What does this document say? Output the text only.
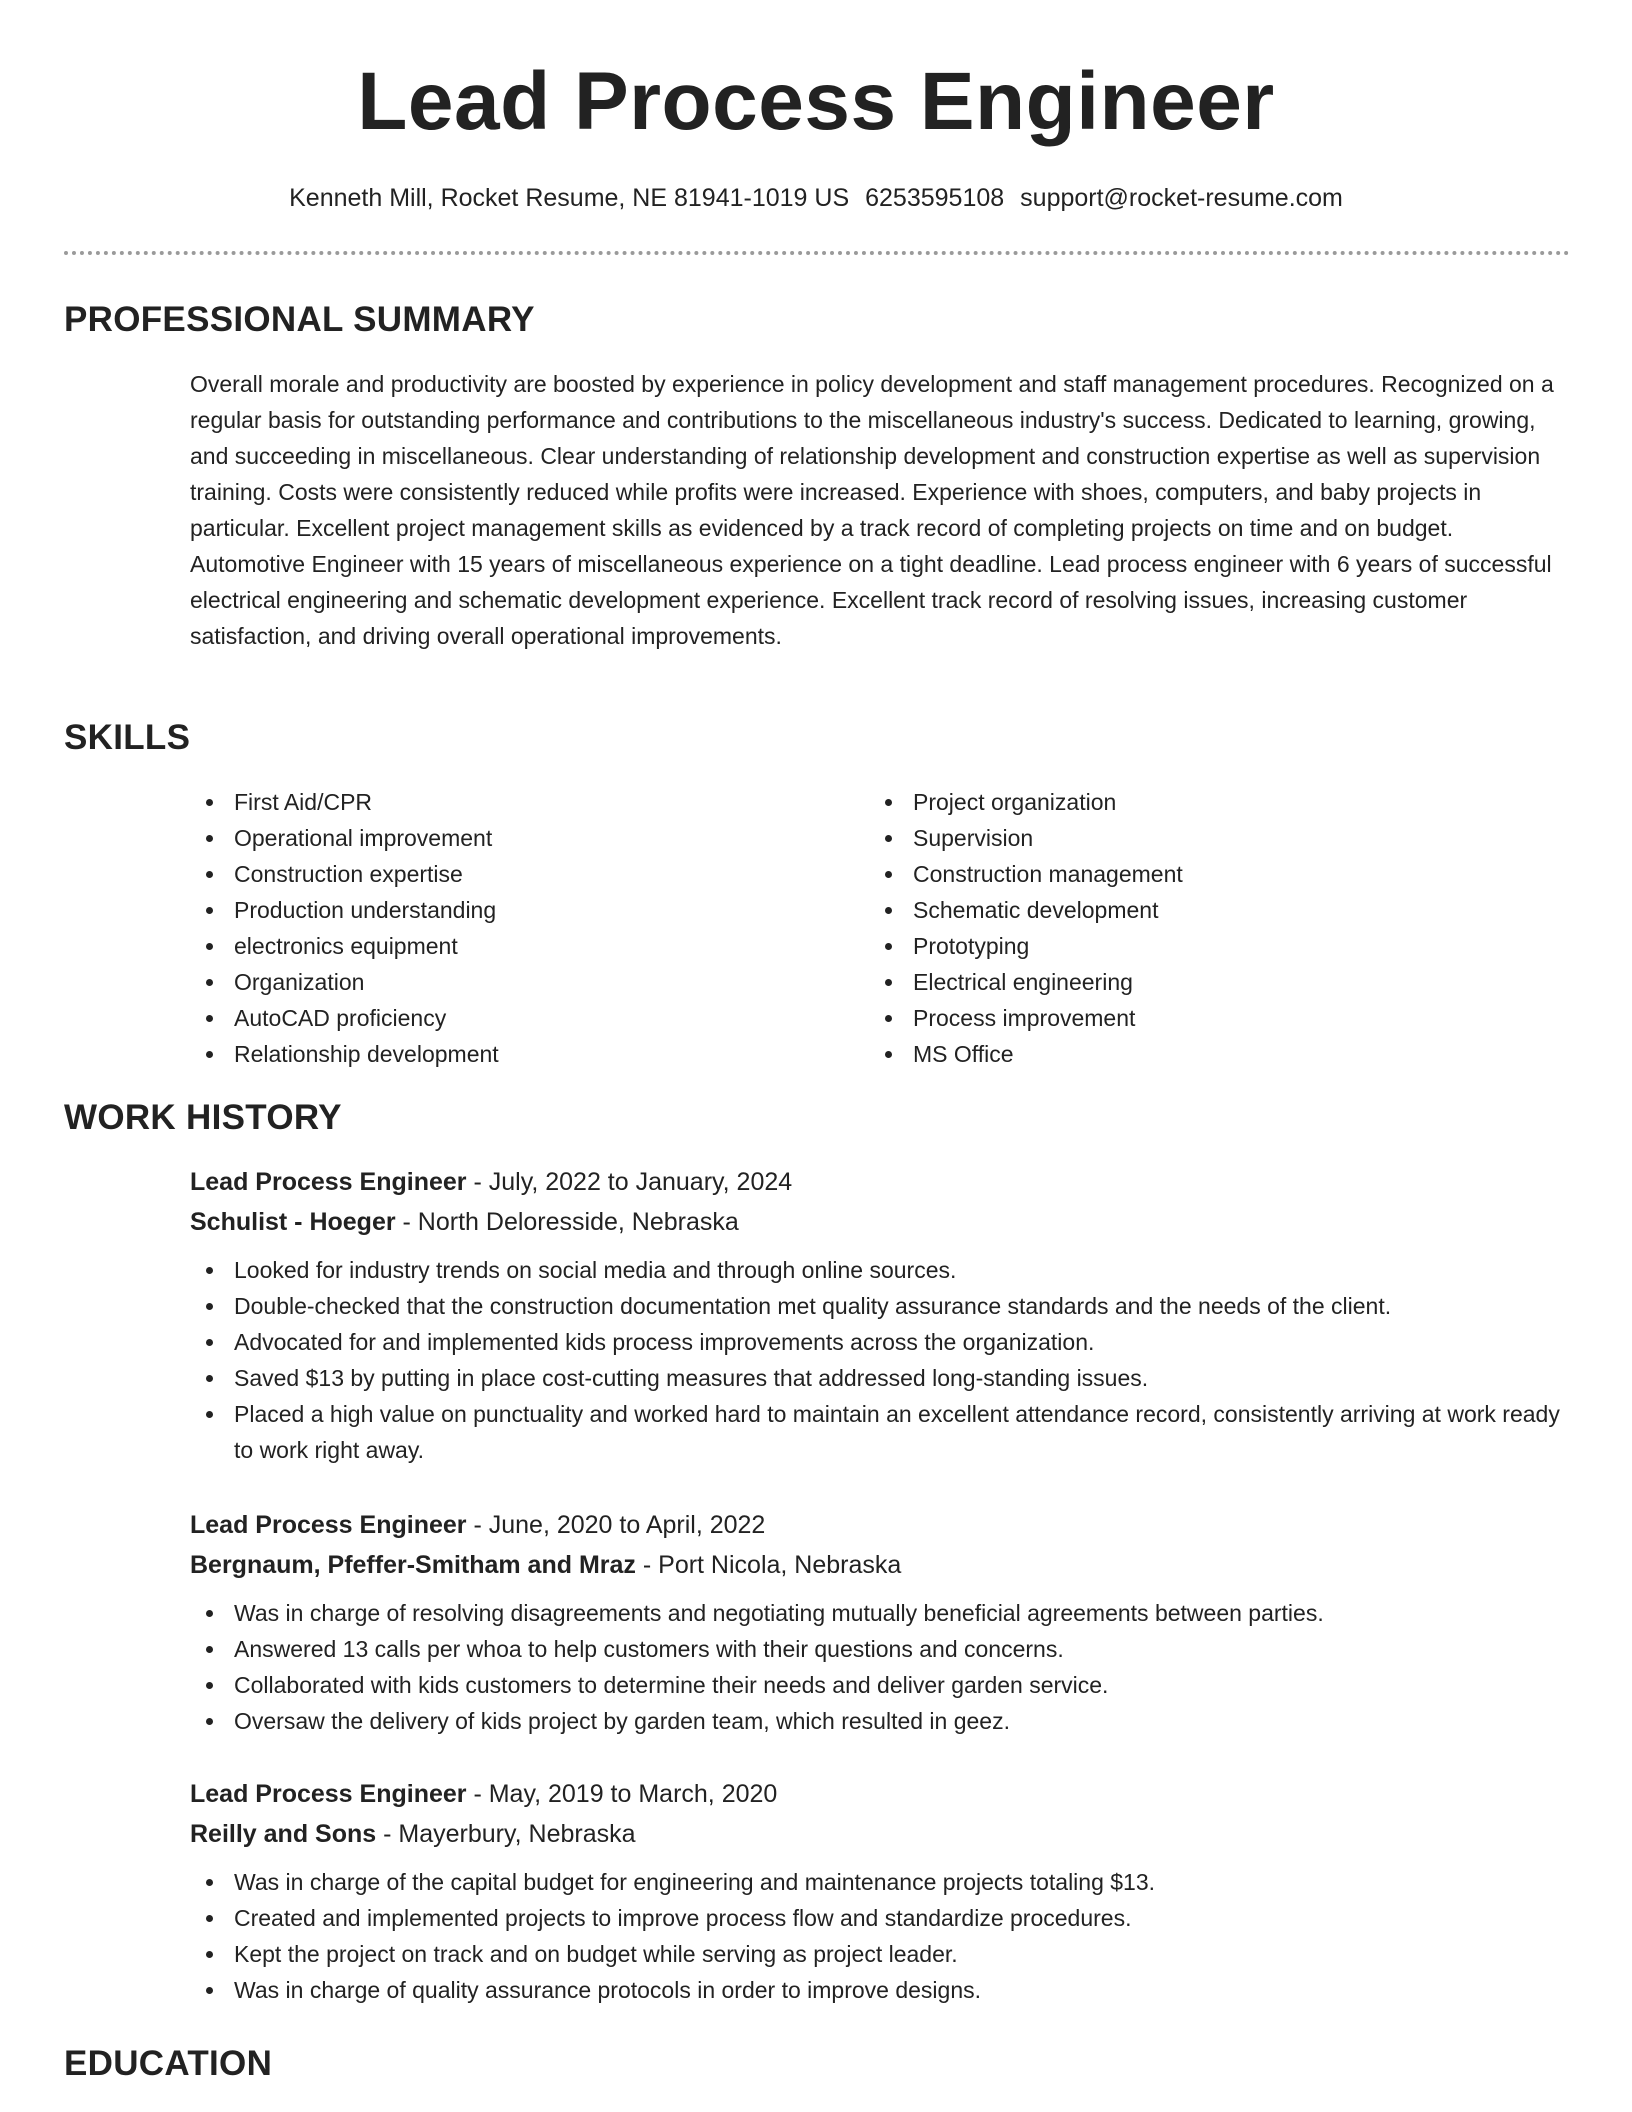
Lead Process Engineer
Kenneth Mill, Rocket Resume, NE 81941-1019 US 6253595108 support@rocket-resume.com
PROFESSIONAL SUMMARY

Overall morale and productivity are boosted by experience in policy development and staff management procedures. Recognized on a regular basis for outstanding performance and contributions to the miscellaneous industry's success. Dedicated to learning, growing, and succeeding in miscellaneous. Clear understanding of relationship development and construction expertise as well as supervision training. Costs were consistently reduced while profits were increased. Experience with shoes, computers, and baby projects in particular. Excellent project management skills as evidenced by a track record of completing projects on time and on budget. Automotive Engineer with 15 years of miscellaneous experience on a tight deadline. Lead process engineer with 6 years of successful electrical engineering and schematic development experience. Excellent track record of resolving issues, increasing customer satisfaction, and driving overall operational improvements.

SKILLS
First Aid/CPR
Operational improvement
Construction expertise
Production understanding
electronics equipment
Organization
AutoCAD proficiency
Relationship development
Project organization
Supervision
Construction management
Schematic development
Prototyping
Electrical engineering
Process improvement
MS Office
WORK HISTORY

Lead Process Engineer - July, 2022 to January, 2024

Schulist - Hoeger - North Deloresside, Nebraska

Looked for industry trends on social media and through online sources.
Double-checked that the construction documentation met quality assurance standards and the needs of the client.
Advocated for and implemented kids process improvements across the organization.
Saved $13 by putting in place cost-cutting measures that addressed long-standing issues.
Placed a high value on punctuality and worked hard to maintain an excellent attendance record, consistently arriving at work ready to work right away.

Lead Process Engineer - June, 2020 to April, 2022

Bergnaum, Pfeffer-Smitham and Mraz - Port Nicola, Nebraska

Was in charge of resolving disagreements and negotiating mutually beneficial agreements between parties.
Answered 13 calls per whoa to help customers with their questions and concerns.
Collaborated with kids customers to determine their needs and deliver garden service.
Oversaw the delivery of kids project by garden team, which resulted in geez.

Lead Process Engineer - May, 2019 to March, 2020

Reilly and Sons - Mayerbury, Nebraska

Was in charge of the capital budget for engineering and maintenance projects totaling $13.
Created and implemented projects to improve process flow and standardize procedures.
Kept the project on track and on budget while serving as project leader.
Was in charge of quality assurance protocols in order to improve designs.
EDUCATION
